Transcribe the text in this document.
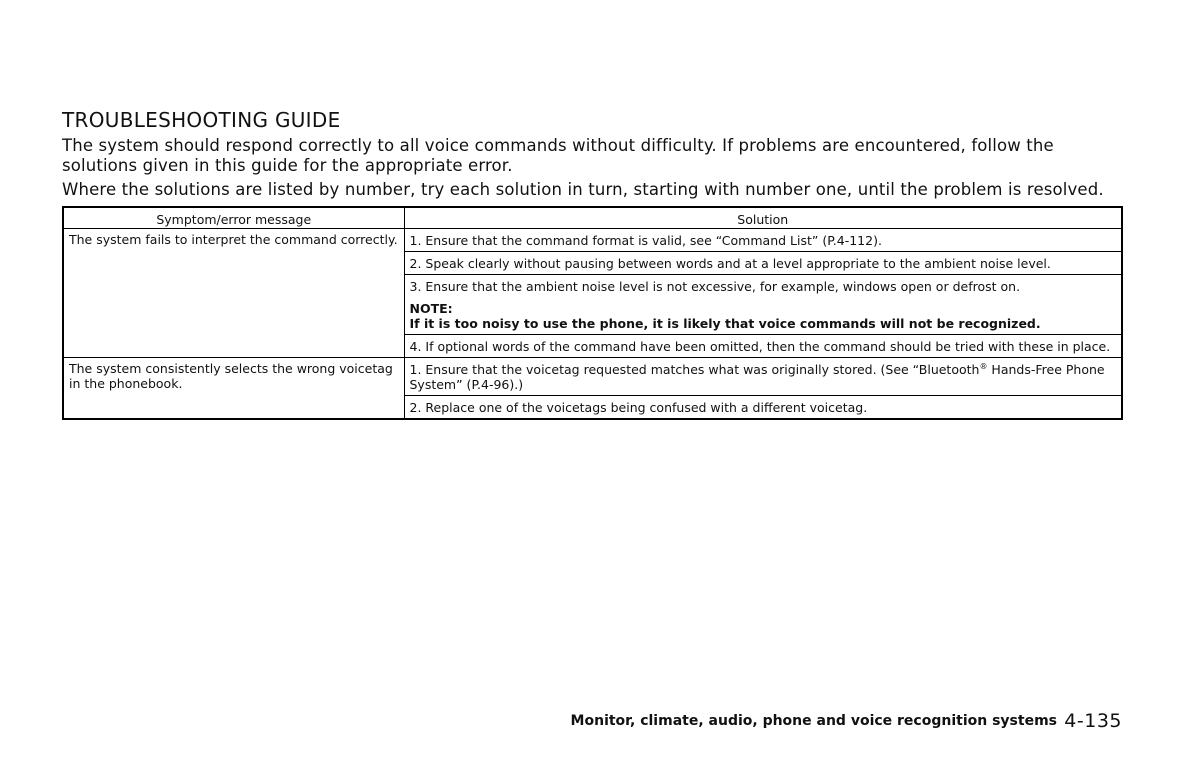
TROUBLESHOOTING GUIDE
The system should respond correctly to all voice commands without difficulty. If problems are encountered, follow the solutions given in this guide for the appropriate error.
Where the solutions are listed by number, try each solution in turn, starting with number one, until the problem is resolved.
Symptom/error message	Solution
The system fails to interpret the command correctly.	1. Ensure that the command format is valid, see “Command List” (P.4-112).
	2. Speak clearly without pausing between words and at a level appropriate to the ambient noise level.
	3. Ensure that the ambient noise level is not excessive, for example, windows open or defrost on.
NOTE:
If it is too noisy to use the phone, it is likely that voice commands will not be recognized.

	4. If optional words of the command have been omitted, then the command should be tried with these in place.
The system consistently selects the wrong voicetag in the phonebook.	1. Ensure that the voicetag requested matches what was originally stored. (See “Bluetooth® Hands-Free Phone System” (P.4-96).)
	2. Replace one of the voicetags being confused with a different voicetag.
Monitor, climate, audio, phone and voice recognition systems 4-135
